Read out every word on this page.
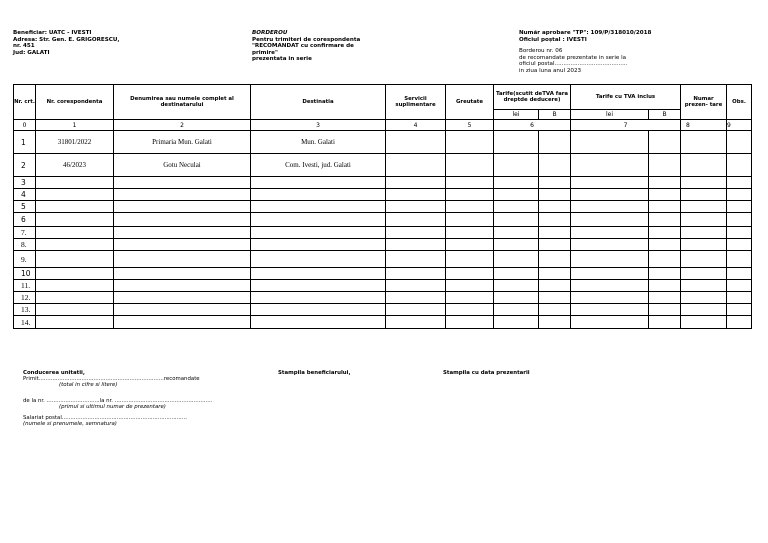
Beneficiar: UATC - IVESTI
Adresa: Str. Gen. E. GRIGORESCU,
nr. 451
Jud: GALATI
BORDEROU
Pentru trimiteri de corespondenta
"RECOMANDAT cu confirmare de
primire"
prezentata in serie
Număr aprobare "TP": 109/P/318010/2018
Oficiul poștal : IVESTI
Borderou nr. 06
de recomandate prezentate in serie la
oficiul postal.........................................
in ziua luna anul 2023
Nr. crt.	Nr. corespondenta	Denumirea sau numele complet al destinatarului	Destinatia	Servicii suplimentare	Greutate	Tarife(scutit deTVA fara dreptde deducere)		Tarife cu TVA inclus		Numar prezen- tare	Obs.
						lei	B	lei	B		
0	1	2	3	4	5	6		7		8	9
1	31801/2022	Primaria Mun. Galati	Mun. Galati								
2	46/2023	Gotu Neculai	Com. Ivesti, jud. Galati								
3											
4											
5											
6											
7.											
8.											
9.											
10											
11.											
12.											
13.											
14.											
Conducerea unitatii,
Primit.........................................................................recomandate
(total in cifre si litere)
de la nr. ...............................la nr. .........................................................
(primul si ultimul numar de prezentare)
Salariat postal.........................................................................
(numele si prenumele, semnatura)
Stampila beneficiarului,	Stampila cu data prezentarii
